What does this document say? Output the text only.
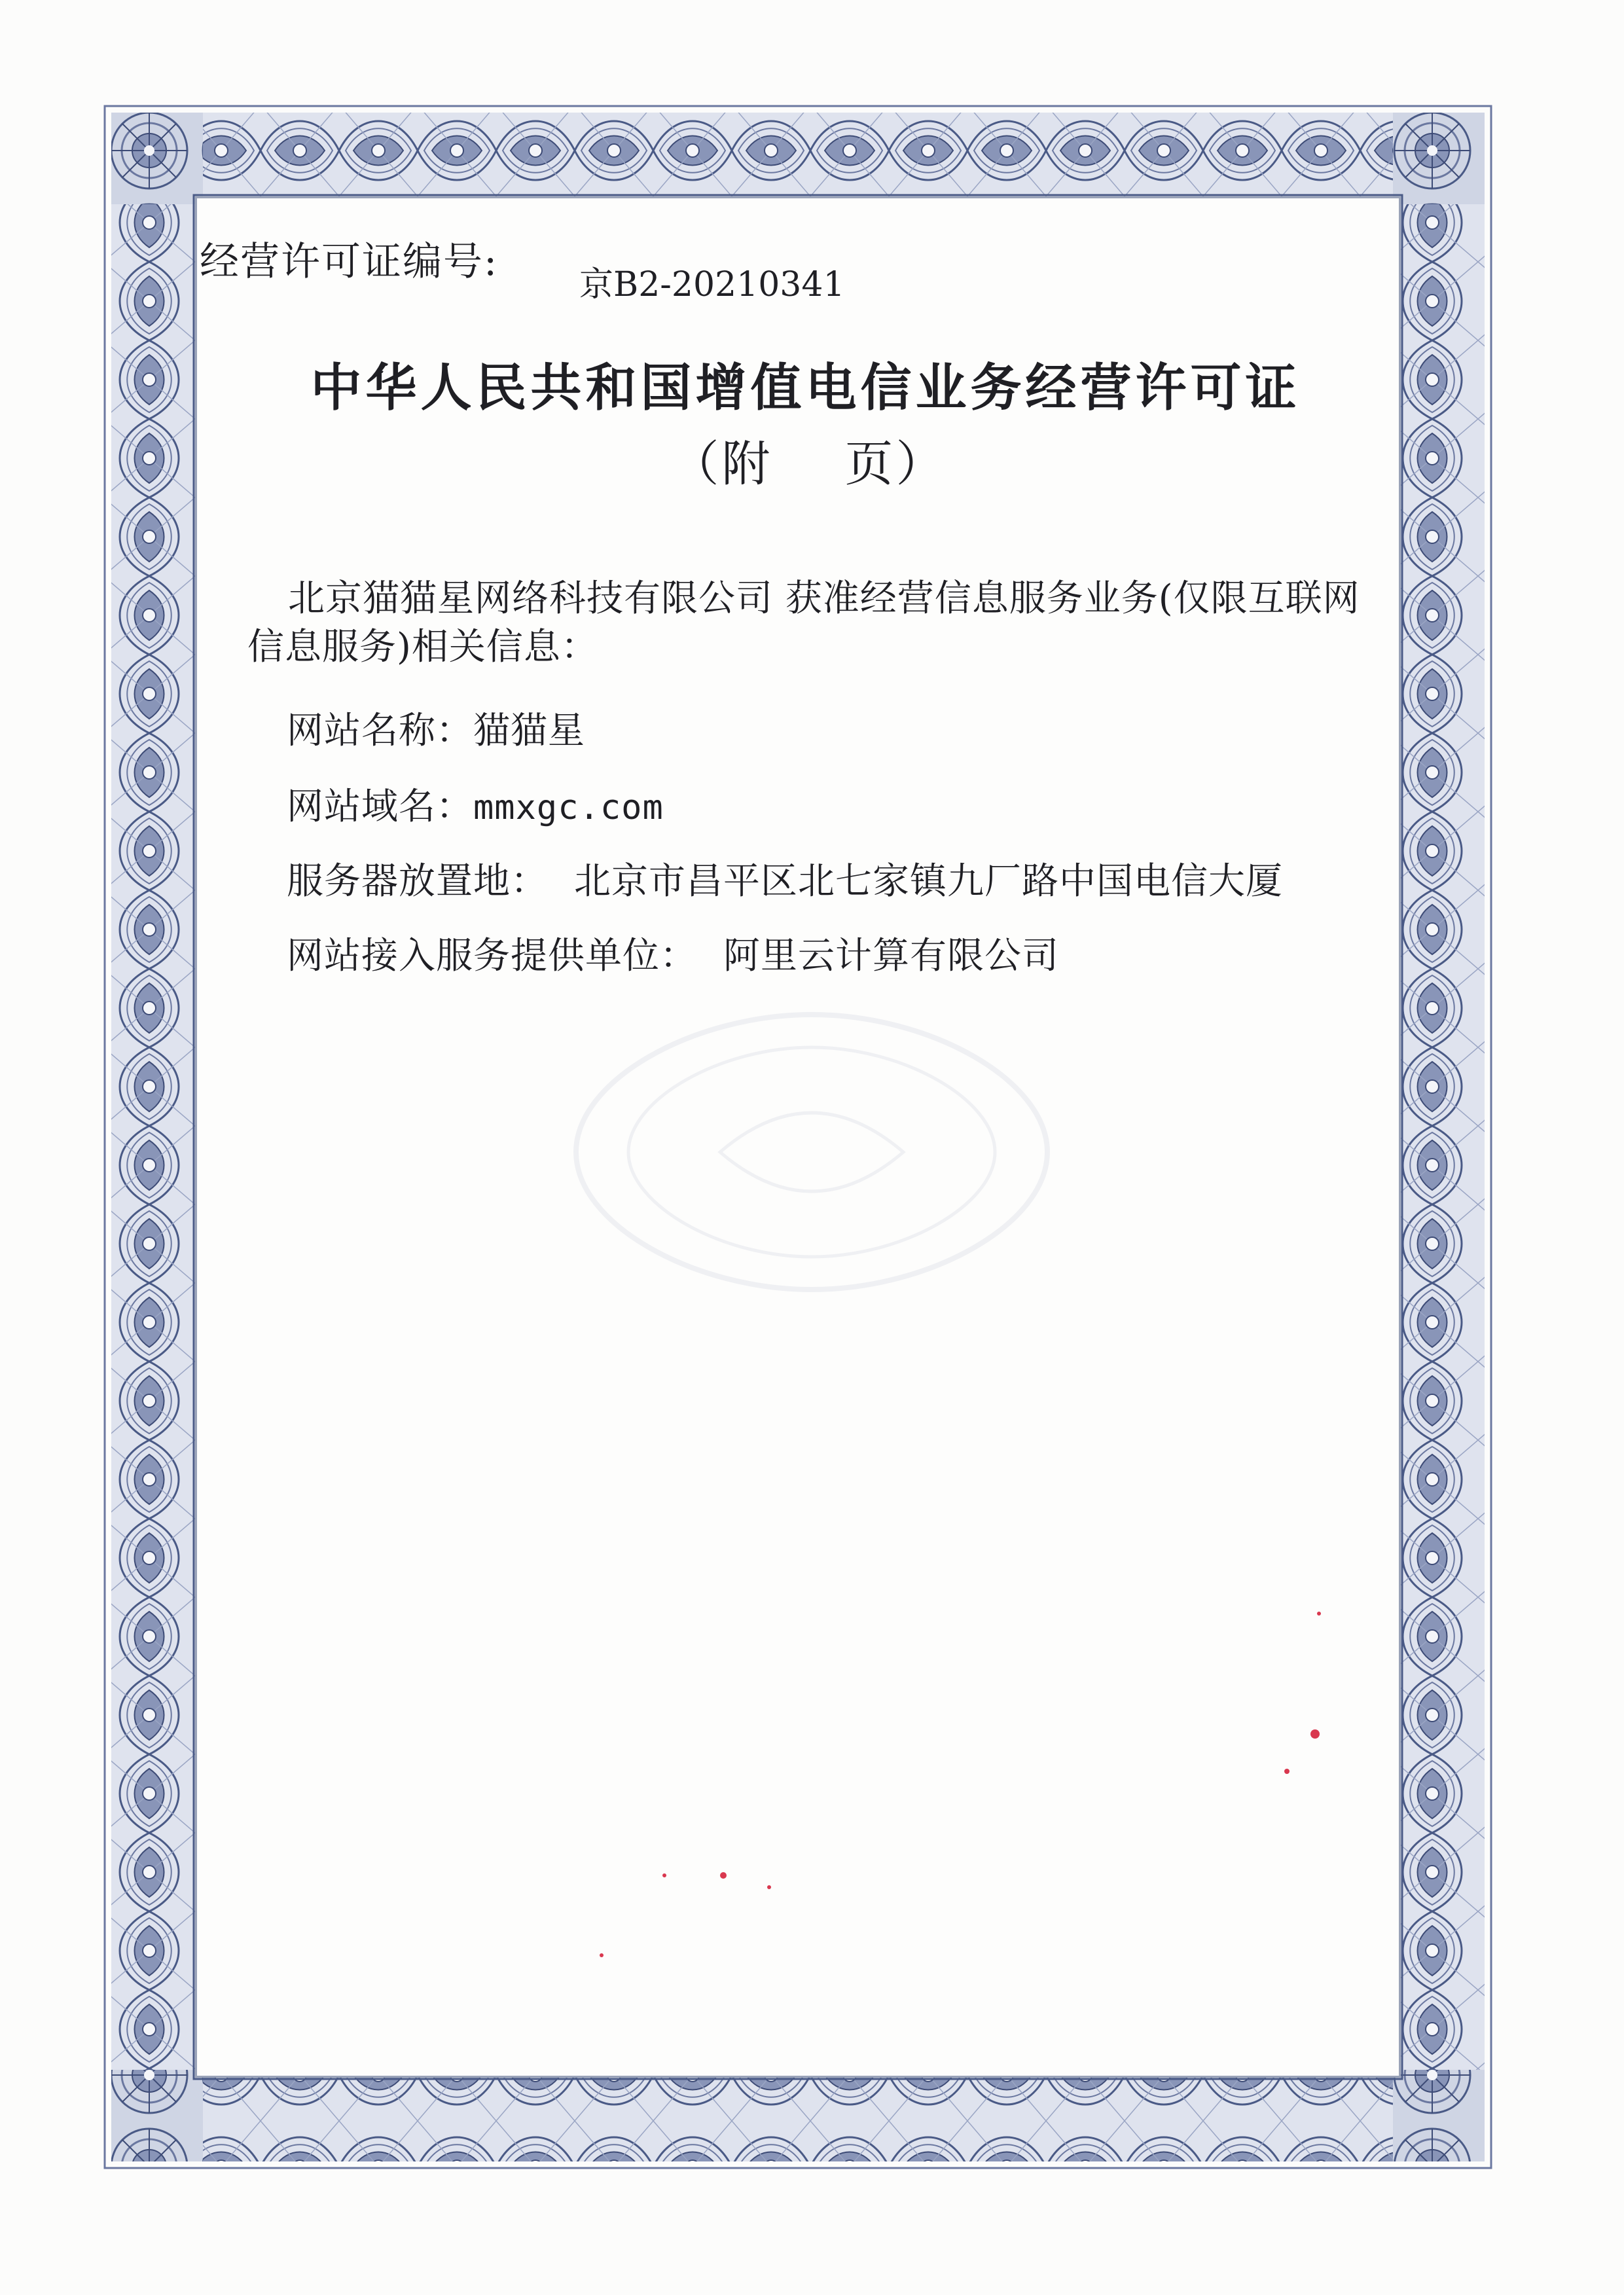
经营许可证编号: 京B2-20210341
中华人民共和国增值电信业务经营许可证
（附 页）
北京猫猫星网络科技有限公司 获准经营信息服务业务(仅限互联网信息服务)相关信息：
网站名称：猫猫星
网站域名：mmxgc.com
服务器放置地： 北京市昌平区北七家镇九厂路中国电信大厦
网站接入服务提供单位： 阿里云计算有限公司
